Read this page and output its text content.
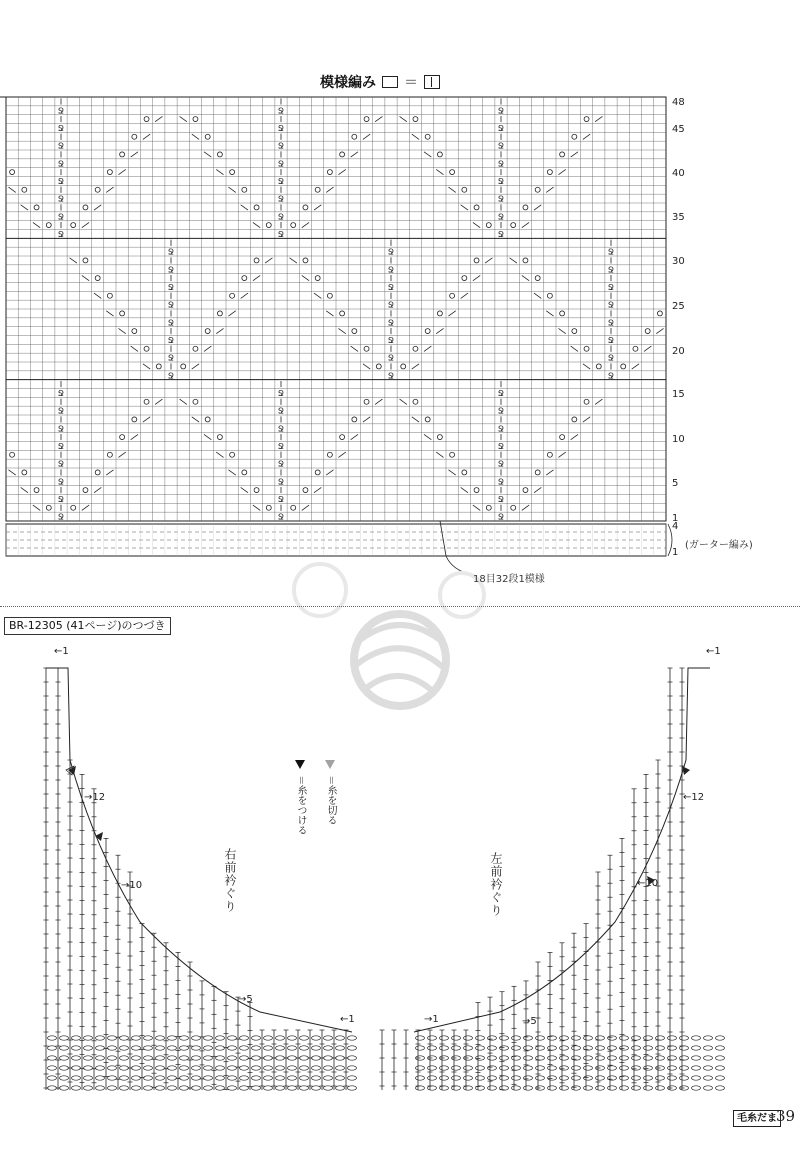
模様編み ＝
Ջ
Ջ
Ջ
Ջ
Ջ
Ջ
Ջ
Ջ
Ջ
Ջ
Ջ
Ջ
Ջ
Ջ
Ջ
Ջ
Ջ
Ջ
Ջ
Ջ
Ջ
Ջ
Ջ
Ջ
Ջ
Ջ
Ջ
Ջ
Ջ
Ջ
Ջ
Ջ
Ջ
Ջ
Ջ
Ջ
Ջ
Ջ
Ջ
Ջ
Ջ
Ջ
Ջ
Ջ
Ջ
Ջ
Ջ
Ջ
Ջ
Ջ
Ջ
Ջ
Ջ
Ջ
Ջ
Ջ
Ջ
Ջ
Ջ
Ջ
Ջ
Ջ
Ջ
Ջ
Ջ
Ջ
Ջ
Ջ
Ջ
Ջ
Ջ
Ջ
48
45
40
35
30
25
20
15
10
5
1
4
1
(ガーター編み)
18目32段1模様
BR-12305 (41ページ)のつづき
＝糸をつける	＝糸を切る
右前衿ぐり	左前衿ぐり
←1
→12
→10
→5
←1
←1
←12
←10
→5
→1
毛糸だま 39
